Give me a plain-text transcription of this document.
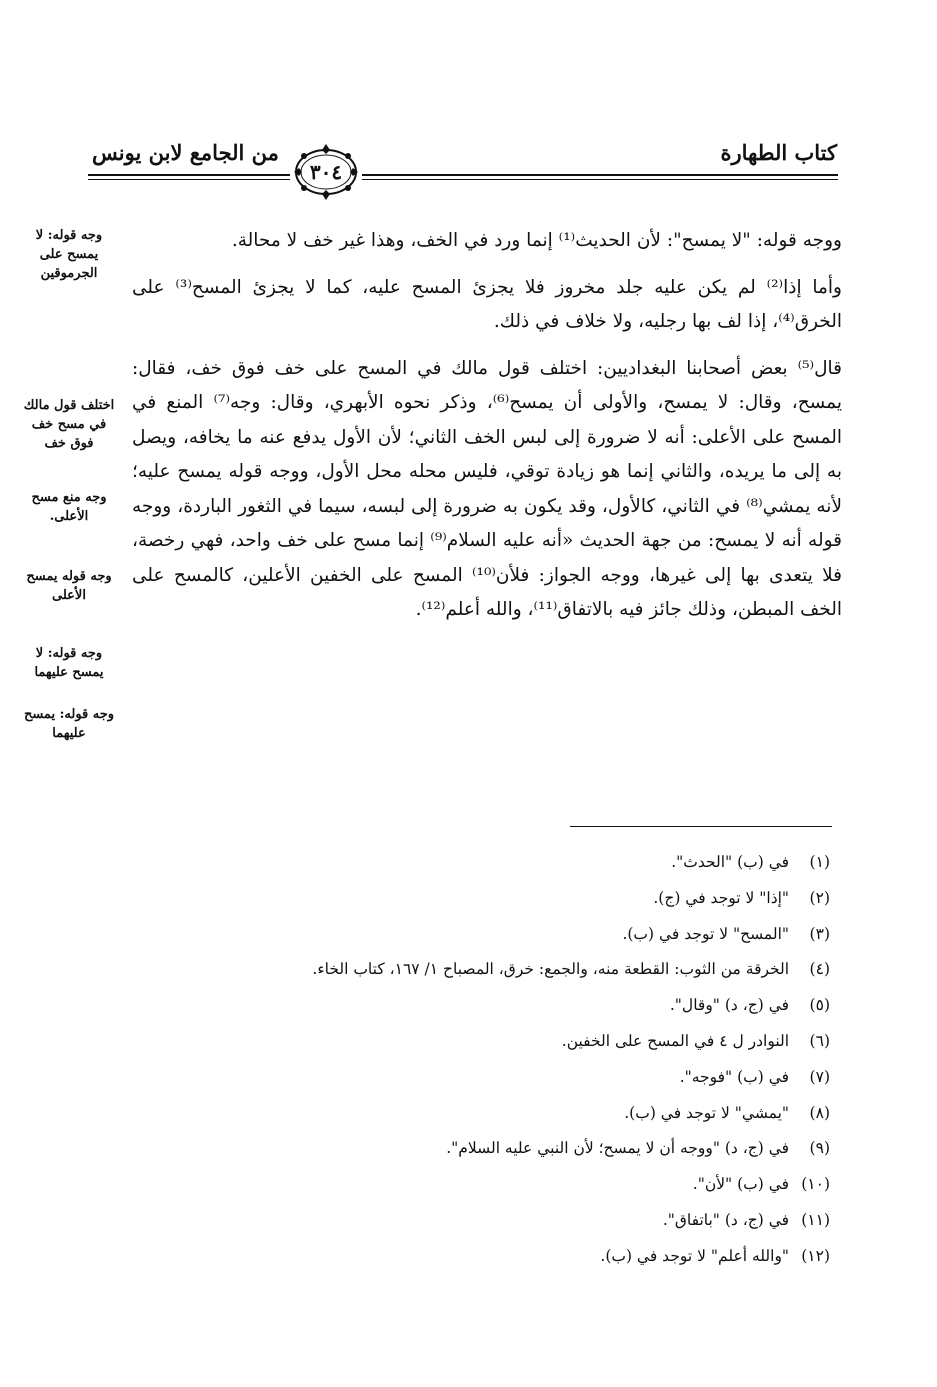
كتاب الطهارة
من الجامع لابن يونس
٣٠٤
وجه قوله: لا يمسح على الجرموقين
اختلف قول مالك في مسح خف فوق خف
وجه منع مسح الأعلى.
وجه قوله يمسح الأعلى
وجه قوله: لا يمسح عليهما
وجه قوله: يمسح عليهما

ووجه قوله: "لا يمسح": لأن الحديث⁽¹⁾ إنما ورد في الخف، وهذا غير خف لا محالة.

وأما إذا⁽²⁾ لم يكن عليه جلد مخروز فلا يجزئ المسح عليه، كما لا يجزئ المسح⁽³⁾ على الخرق⁽⁴⁾، إذا لف بها رجليه، ولا خلاف في ذلك.

قال⁽⁵⁾ بعض أصحابنا البغداديين: اختلف قول مالك في المسح على خف فوق خف، فقال: يمسح، وقال: لا يمسح، والأولى أن يمسح⁽⁶⁾، وذكر نحوه الأبهري، وقال: وجه⁽⁷⁾ المنع في المسح على الأعلى: أنه لا ضرورة إلى لبس الخف الثاني؛ لأن الأول يدفع عنه ما يخافه، ويصل به إلى ما يريده، والثاني إنما هو زيادة توقي، فليس محله محل الأول، ووجه قوله يمسح عليه؛ لأنه يمشي⁽⁸⁾ في الثاني، كالأول، وقد يكون به ضرورة إلى لبسه، سيما في الثغور الباردة، ووجه قوله أنه لا يمسح: من جهة الحديث «أنه عليه السلام⁽⁹⁾ إنما مسح على خف واحد، فهي رخصة، فلا يتعدى بها إلى غيرها، ووجه الجواز: فلأن⁽¹⁰⁾ المسح على الخفين الأعلين، كالمسح على الخف المبطن، وذلك جائز فيه بالاتفاق⁽¹¹⁾، والله أعلم⁽¹²⁾.

(١) في (ب) "الحدث".
(٢) "إذا" لا توجد في (ج).
(٣) "المسح" لا توجد في (ب).
(٤) الخرقة من الثوب: القطعة منه، والجمع: خرق، المصباح ١/ ١٦٧، كتاب الخاء.
(٥) في (ج، د) "وقال".
(٦) النوادر ل ٤ في المسح على الخفين.
(٧) في (ب) "فوجه".
(٨) "يمشي" لا توجد في (ب).
(٩) في (ج، د) "ووجه أن لا يمسح؛ لأن النبي عليه السلام".
(١٠) في (ب) "لأن".
(١١) في (ج، د) "باتفاق".
(١٢) "والله أعلم" لا توجد في (ب).
